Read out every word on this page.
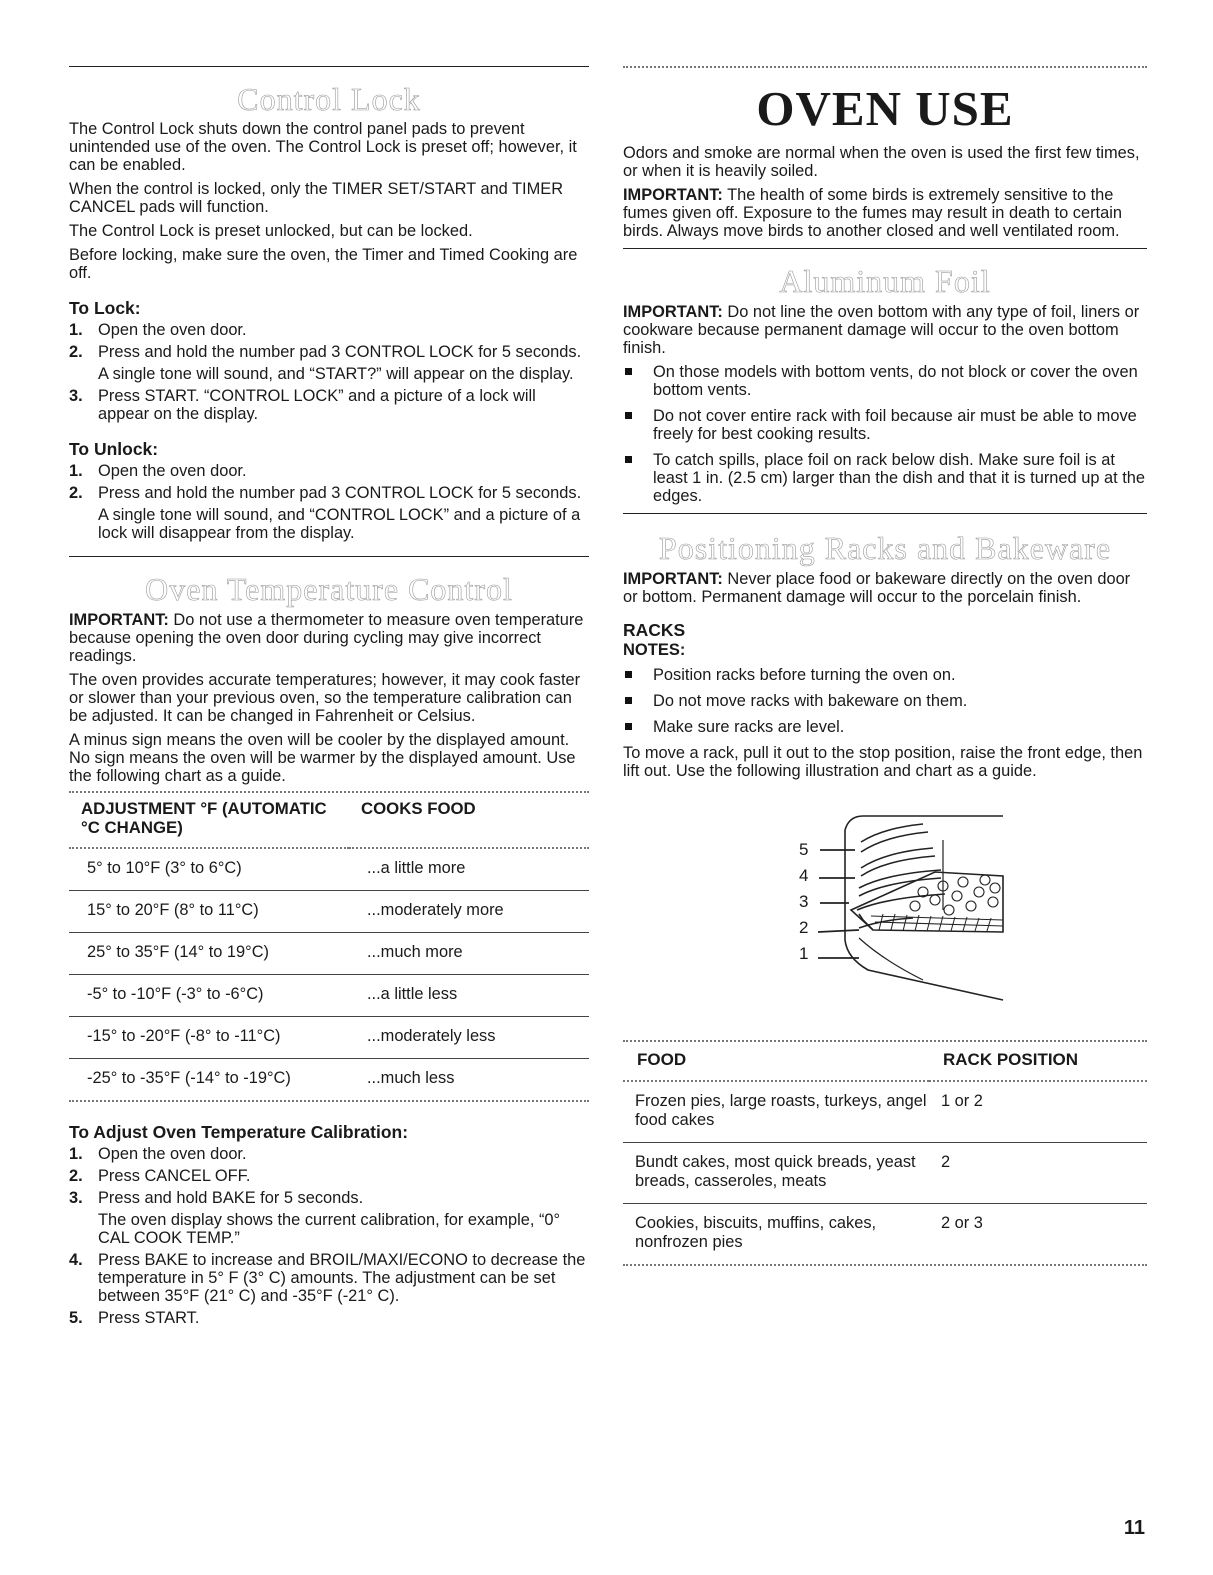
Control Lock

The Control Lock shuts down the control panel pads to prevent unintended use of the oven. The Control Lock is preset off; however, it can be enabled.

When the control is locked, only the TIMER SET/START and TIMER CANCEL pads will function.

The Control Lock is preset unlocked, but can be locked.

Before locking, make sure the oven, the Timer and Timed Cooking are off.

To Lock:
1. Open the oven door.
2. Press and hold the number pad 3 CONTROL LOCK for 5 seconds.
A single tone will sound, and “START?” will appear on the display.
3. Press START. “CONTROL LOCK” and a picture of a lock will appear on the display.
To Unlock:
1. Open the oven door.
2. Press and hold the number pad 3 CONTROL LOCK for 5 seconds.
A single tone will sound, and “CONTROL LOCK” and a picture of a lock will disappear from the display.
Oven Temperature Control

IMPORTANT: Do not use a thermometer to measure oven temperature because opening the oven door during cycling may give incorrect readings.

The oven provides accurate temperatures; however, it may cook faster or slower than your previous oven, so the temperature calibration can be adjusted. It can be changed in Fahrenheit or Celsius.

A minus sign means the oven will be cooler by the displayed amount. No sign means the oven will be warmer by the displayed amount. Use the following chart as a guide.

ADJUSTMENT °F (AUTOMATIC °C CHANGE)	COOKS FOOD
5° to 10°F (3° to 6°C)	...a little more
15° to 20°F (8° to 11°C)	...moderately more
25° to 35°F (14° to 19°C)	...much more
-5° to -10°F (-3° to -6°C)	...a little less
-15° to -20°F (-8° to -11°C)	...moderately less
-25° to -35°F (-14° to -19°C)	...much less
To Adjust Oven Temperature Calibration:
1. Open the oven door.
2. Press CANCEL OFF.
3. Press and hold BAKE for 5 seconds.
The oven display shows the current calibration, for example, “0° CAL COOK TEMP.”
4. Press BAKE to increase and BROIL/MAXI/ECONO to decrease the temperature in 5° F (3° C) amounts. The adjustment can be set between 35°F (21° C) and -35°F (-21° C).
5. Press START.
OVEN USE

Odors and smoke are normal when the oven is used the first few times, or when it is heavily soiled.

IMPORTANT: The health of some birds is extremely sensitive to the fumes given off. Exposure to the fumes may result in death to certain birds. Always move birds to another closed and well ventilated room.

Aluminum Foil

IMPORTANT: Do not line the oven bottom with any type of foil, liners or cookware because permanent damage will occur to the oven bottom finish.

On those models with bottom vents, do not block or cover the oven bottom vents.
Do not cover entire rack with foil because air must be able to move freely for best cooking results.
To catch spills, place foil on rack below dish. Make sure foil is at least 1 in. (2.5 cm) larger than the dish and that it is turned up at the edges.
Positioning Racks and Bakeware

IMPORTANT: Never place food or bakeware directly on the oven door or bottom. Permanent damage will occur to the porcelain finish.

RACKS
NOTES:
Position racks before turning the oven on.
Do not move racks with bakeware on them.
Make sure racks are level.

To move a rack, pull it out to the stop position, raise the front edge, then lift out. Use the following illustration and chart as a guide.

5
4
3
2
1
FOOD	RACK POSITION
Frozen pies, large roasts, turkeys, angel food cakes	1 or 2
Bundt cakes, most quick breads, yeast breads, casseroles, meats	2
Cookies, biscuits, muffins, cakes, nonfrozen pies	2 or 3
11
